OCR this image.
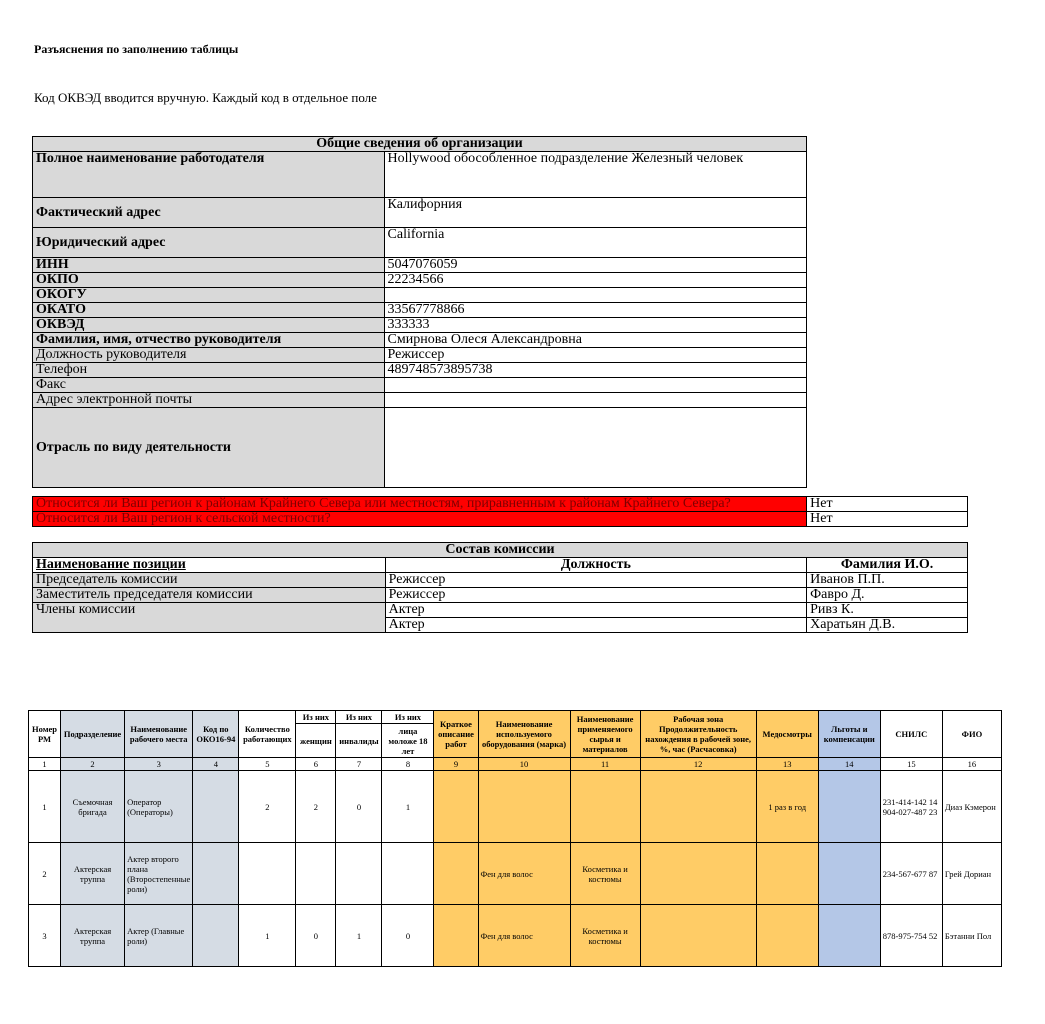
Разъяснения по заполнению таблицы
Код ОКВЭД вводится вручную. Каждый код в отдельное поле
Общие сведения об организации	
Полное наименование работодателя	Hollywood обособленное подразделение Железный человек
Фактический адрес	Калифорния
Юридический адрес	California
ИНН	5047076059
ОКПО	22234566
ОКОГУ	
ОКАТО	33567778866
ОКВЭД	333333
Фамилия, имя, отчество руководителя	Смирнова Олеся Александровна
Должность руководителя	Режиссер
Телефон	489748573895738
Факс	
Адрес электронной почты	
Отрасль по виду деятельности	
Относится ли Ваш регион к районам Крайнего Севера или местностям, приравненным к районам Крайнего Севера?	Нет
Относится ли Ваш регион к сельской местности?	Нет
Состав комиссии		
Наименование позиции	Должность	Фамилия И.О.
Председатель комиссии	Режиссер	Иванов П.П.
Заместитель председателя комиссии	Режиссер	Фавро Д.
Члены комиссии	Актер	Ривз К.
	Актер	Харатьян Д.В.
Номер РМ	Подразделение	Наименование рабочего места	Код по ОКО16-94	Количество работающих	Из них	Из них	Из них	Краткое описание работ	Наименование используемого оборудования (марка)	Наименование применяемого сырья и материалов	Рабочая зона Продолжительность нахождения в рабочей зоне, %, час (Расчасовка)	Медосмотры	Льготы и компенсации	СНИЛС	ФИО
					женщин	инвалиды	лица моложе 18 лет								
1	2	3	4	5	6	7	8	9	10	11	12	13	14	15	16
1	Съемочная бригада	Оператор (Операторы)		2	2	0	1					1 раз в год		231-414-142 14 904-027-487 23	Диаз Кэмерон
2	Актерская труппа	Актер второго плана (Второстепенные роли)							Фен для волос	Косметика и костюмы				234-567-677 87	Грей Дориан
3	Актерская труппа	Актер (Главные роли)		1	0	1	0		Фен для волос	Косметика и костюмы				878-975-754 52	Бэтанни Пол
